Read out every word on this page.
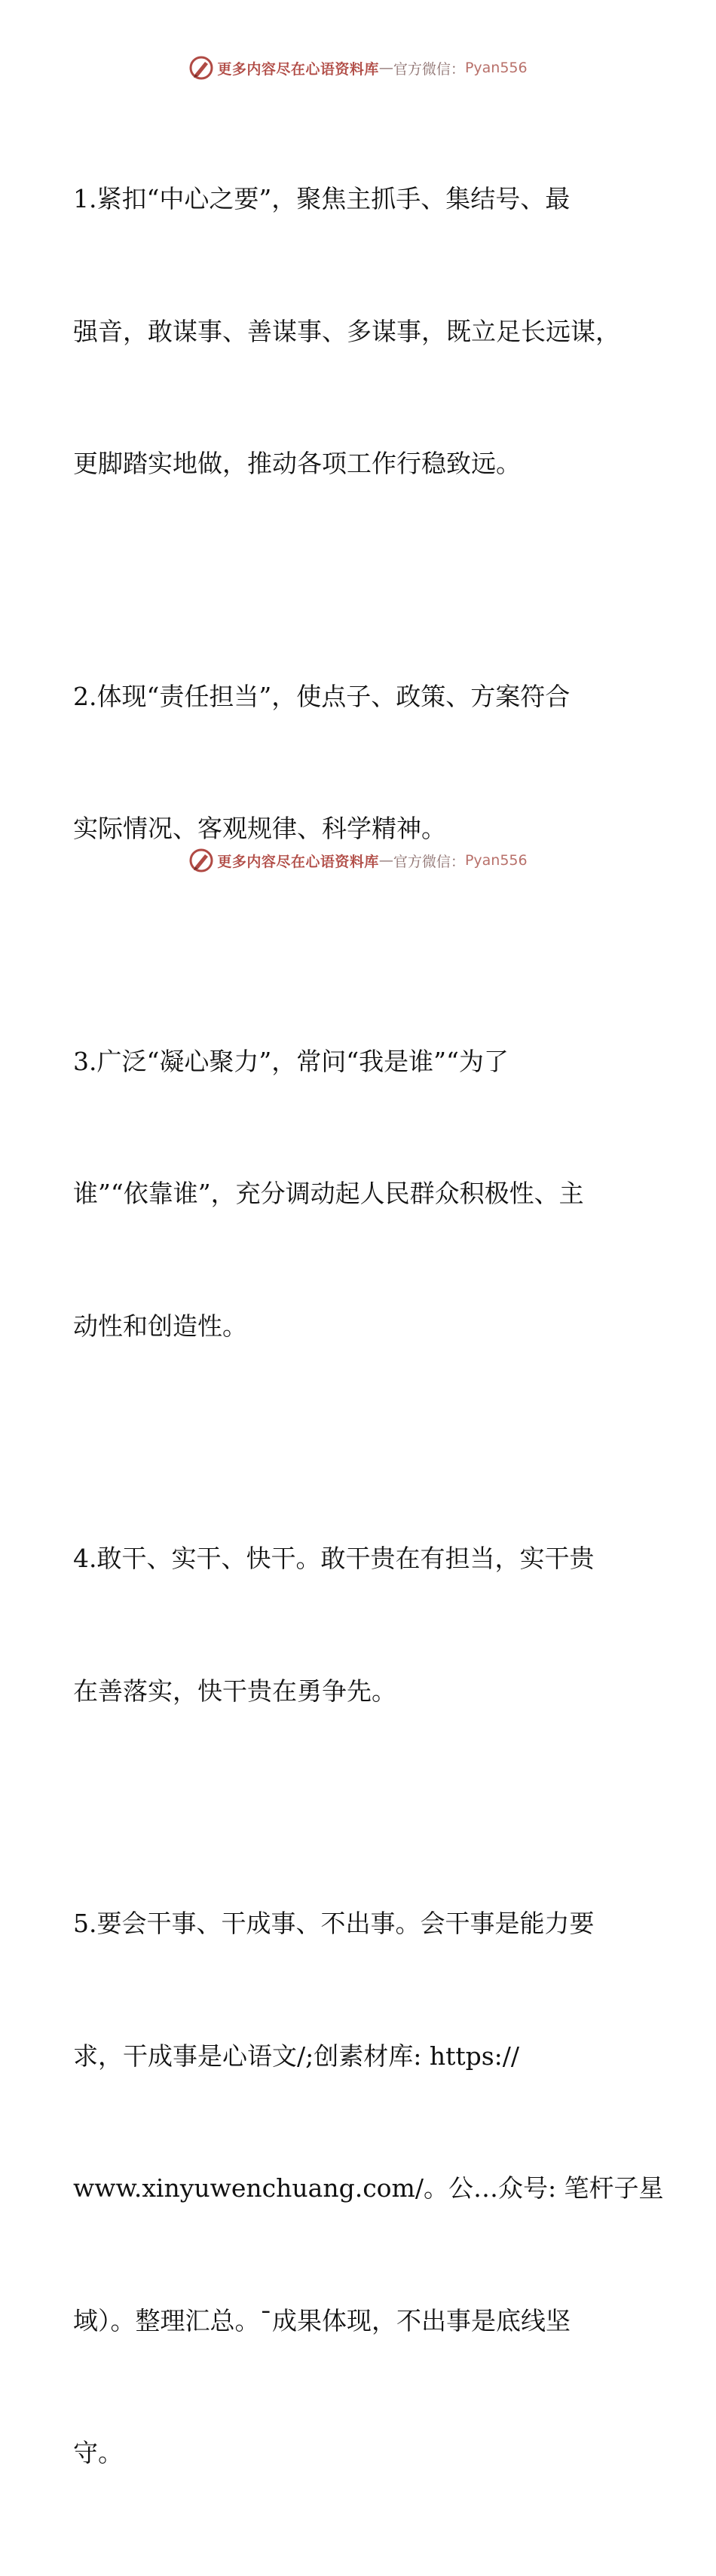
更多内容尽在心语资料库 — 官方微信： Pyan556

1.紧扣“中心之要”，聚焦主抓手、集结号、最

强音，敢谋事、善谋事、多谋事，既立足长远谋，

更脚踏实地做，推动各项工作行稳致远。

2.体现“责任担当”，使点子、政策、方案符合

实际情况、客观规律、科学精神。

3.广泛“凝心聚力”，常问“我是谁”“为了

谁”“依靠谁”，充分调动起人民群众积极性、主

动性和创造性。

4.敢干、实干、快干。敢干贵在有担当，实干贵

在善落实，快干贵在勇争先。

5.要会干事、干成事、不出事。会干事是能力要

求，干成事是心语文/;创素材库: https://

www.xinyuwenchuang.com/。公…众号: 笔杆子星

域）。整理汇总。¯成果体现，不出事是底线坚

守。

更多内容尽在心语资料库 — 官方微信： Pyan556
